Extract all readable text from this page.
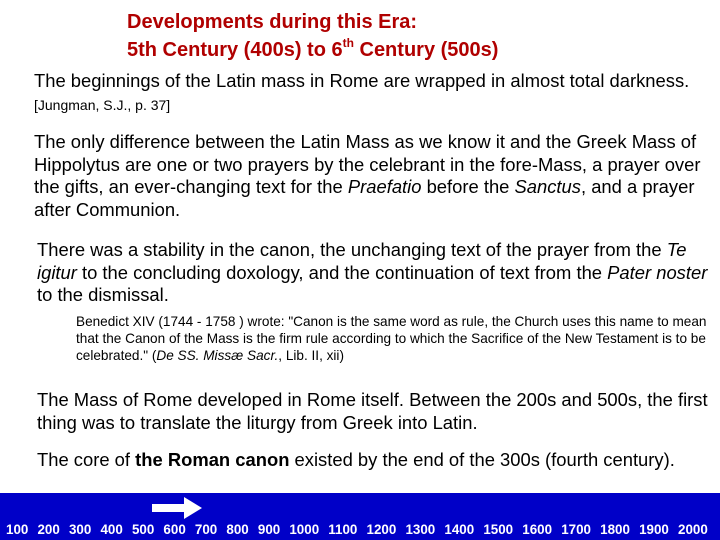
Developments during this Era:
5th Century (400s) to 6th Century (500s)

The beginnings of the Latin mass in Rome are wrapped in almost total darkness. [Jungman, S.J., p. 37]

The only difference between the Latin Mass as we know it and the Greek Mass of Hippolytus are one or two prayers by the celebrant in the fore-Mass, a prayer over the gifts, an ever-changing text for the Praefatio before the Sanctus, and a prayer after Communion.

There was a stability in the canon, the unchanging text of the prayer from the Te igitur to the concluding doxology, and the continuation of text from the Pater noster to the dismissal.

Benedict XIV (1744 - 1758 ) wrote: "Canon is the same word as rule, the Church uses this name to mean that the Canon of the Mass is the firm rule according to which the Sacrifice of the New Testament is to be celebrated." (De SS. Missæ Sacr., Lib. II, xii)

The Mass of Rome developed in Rome itself. Between the 200s and 500s, the first thing was to translate the liturgy from Greek into Latin.

The core of the Roman canon existed by the end of the 300s (fourth century).

100 200 300 400 500 600 700 800 900 1000 1100 1200 1300 1400 1500 1600 1700 1800 1900 2000
